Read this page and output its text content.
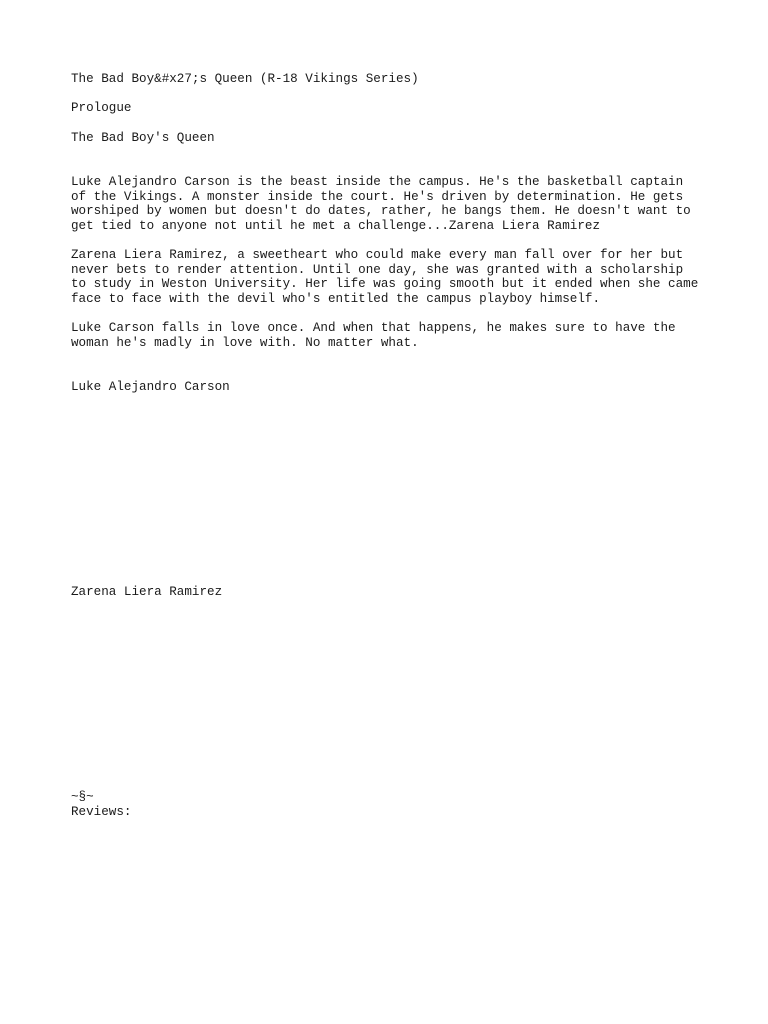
The Bad Boy&#x27;s Queen (R-18 Vikings Series)

Prologue

The Bad Boy's Queen

Luke Alejandro Carson is the beast inside the campus. He's the basketball captain
of the Vikings. A monster inside the court. He's driven by determination. He gets
worshiped by women but doesn't do dates, rather, he bangs them. He doesn't want to
get tied to anyone not until he met a challenge...Zarena Liera Ramirez
Zarena Liera Ramirez, a sweetheart who could make every man fall over for her but
never bets to render attention. Until one day, she was granted with a scholarship
to study in Weston University. Her life was going smooth but it ended when she came
face to face with the devil who's entitled the campus playboy himself.
Luke Carson falls in love once. And when that happens, he makes sure to have the
woman he's madly in love with. No matter what.

Luke Alejandro Carson

Zarena Liera Ramirez

~§~

Reviews:
